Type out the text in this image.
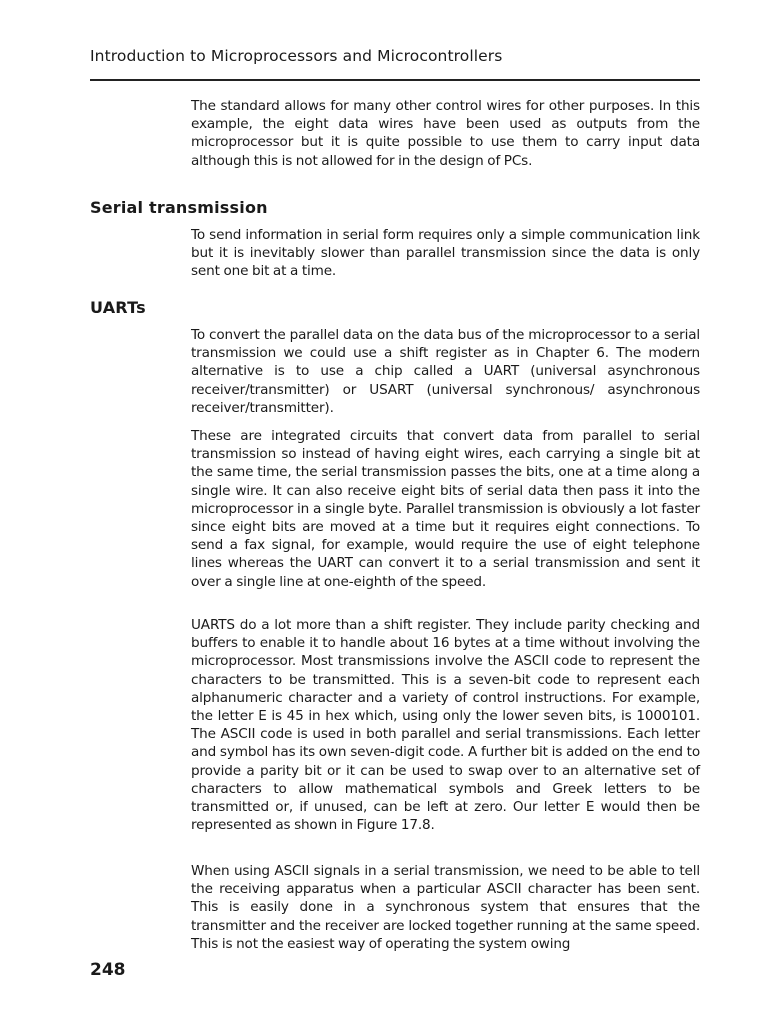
Introduction to Microprocessors and Microcontrollers

The standard allows for many other control wires for other purposes. In this example, the eight data wires have been used as outputs from the microprocessor but it is quite possible to use them to carry input data although this is not allowed for in the design of PCs.

Serial transmission

To send information in serial form requires only a simple communication link but it is inevitably slower than parallel transmission since the data is only sent one bit at a time.

UARTs

To convert the parallel data on the data bus of the microprocessor to a serial transmission we could use a shift register as in Chapter 6. The modern alternative is to use a chip called a UART (universal asynchronous receiver/transmitter) or USART (universal synchronous/ asynchronous receiver/transmitter).

These are integrated circuits that convert data from parallel to serial transmission so instead of having eight wires, each carrying a single bit at the same time, the serial transmission passes the bits, one at a time along a single wire. It can also receive eight bits of serial data then pass it into the microprocessor in a single byte. Parallel transmission is obviously a lot faster since eight bits are moved at a time but it requires eight connections. To send a fax signal, for example, would require the use of eight telephone lines whereas the UART can convert it to a serial transmission and sent it over a single line at one-eighth of the speed.

UARTS do a lot more than a shift register. They include parity checking and buffers to enable it to handle about 16 bytes at a time without involving the microprocessor. Most transmissions involve the ASCII code to represent the characters to be transmitted. This is a seven-bit code to represent each alphanumeric character and a variety of control instructions. For example, the letter E is 45 in hex which, using only the lower seven bits, is 1000101. The ASCII code is used in both parallel and serial transmissions. Each letter and symbol has its own seven-digit code. A further bit is added on the end to provide a parity bit or it can be used to swap over to an alternative set of characters to allow mathematical symbols and Greek letters to be transmitted or, if unused, can be left at zero. Our letter E would then be represented as shown in Figure 17.8.

When using ASCII signals in a serial transmission, we need to be able to tell the receiving apparatus when a particular ASCII character has been sent. This is easily done in a synchronous system that ensures that the transmitter and the receiver are locked together running at the same speed. This is not the easiest way of operating the system owing

248
